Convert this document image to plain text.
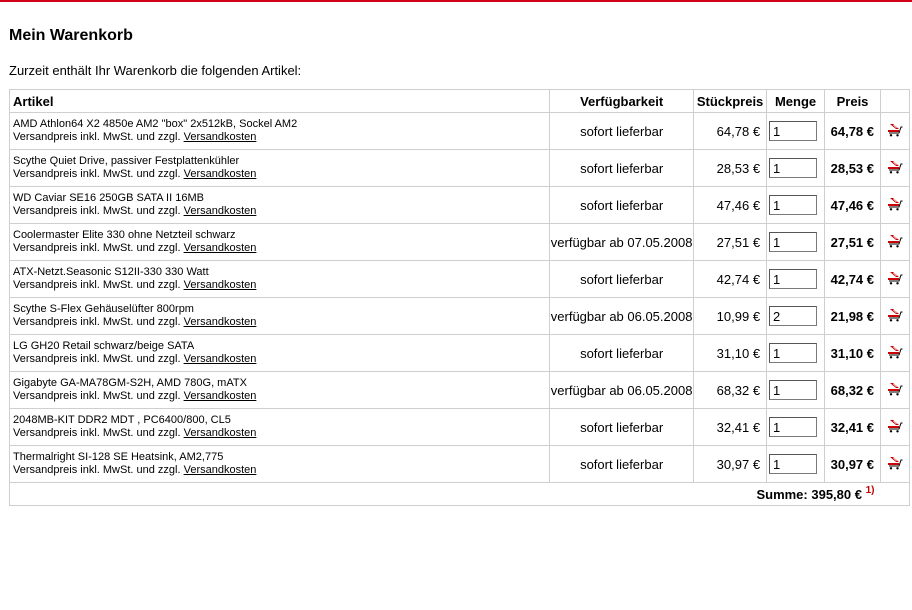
Mein Warenkorb

Zurzeit enthält Ihr Warenkorb die folgenden Artikel:

Artikel	Verfügbarkeit	Stückpreis	Menge	Preis	

AMD Athlon64 X2 4850e AM2 "box" 2x512kB, Sockel AM2
Versandpreis inkl. MwSt. und zzgl. Versandkosten	sofort lieferbar	64,78 €	1	64,78 €	

Scythe Quiet Drive, passiver Festplattenkühler
Versandpreis inkl. MwSt. und zzgl. Versandkosten	sofort lieferbar	28,53 €	1	28,53 €	

WD Caviar SE16 250GB SATA II 16MB
Versandpreis inkl. MwSt. und zzgl. Versandkosten	sofort lieferbar	47,46 €	1	47,46 €	

Coolermaster Elite 330 ohne Netzteil schwarz
Versandpreis inkl. MwSt. und zzgl. Versandkosten	verfügbar ab 07.05.2008	27,51 €	1	27,51 €	

ATX-Netzt.Seasonic S12II-330 330 Watt
Versandpreis inkl. MwSt. und zzgl. Versandkosten	sofort lieferbar	42,74 €	1	42,74 €	

Scythe S-Flex Gehäuselüfter 800rpm
Versandpreis inkl. MwSt. und zzgl. Versandkosten	verfügbar ab 06.05.2008	10,99 €	2	21,98 €	

LG GH20 Retail schwarz/beige SATA
Versandpreis inkl. MwSt. und zzgl. Versandkosten	sofort lieferbar	31,10 €	1	31,10 €	

Gigabyte GA-MA78GM-S2H, AMD 780G, mATX
Versandpreis inkl. MwSt. und zzgl. Versandkosten	verfügbar ab 06.05.2008	68,32 €	1	68,32 €	

2048MB-KIT DDR2 MDT , PC6400/800, CL5
Versandpreis inkl. MwSt. und zzgl. Versandkosten	sofort lieferbar	32,41 €	1	32,41 €	

Thermalright SI-128 SE Heatsink, AM2,775
Versandpreis inkl. MwSt. und zzgl. Versandkosten	sofort lieferbar	30,97 €	1	30,97 €	
Summe: 395,80 € $^{1)}$	
